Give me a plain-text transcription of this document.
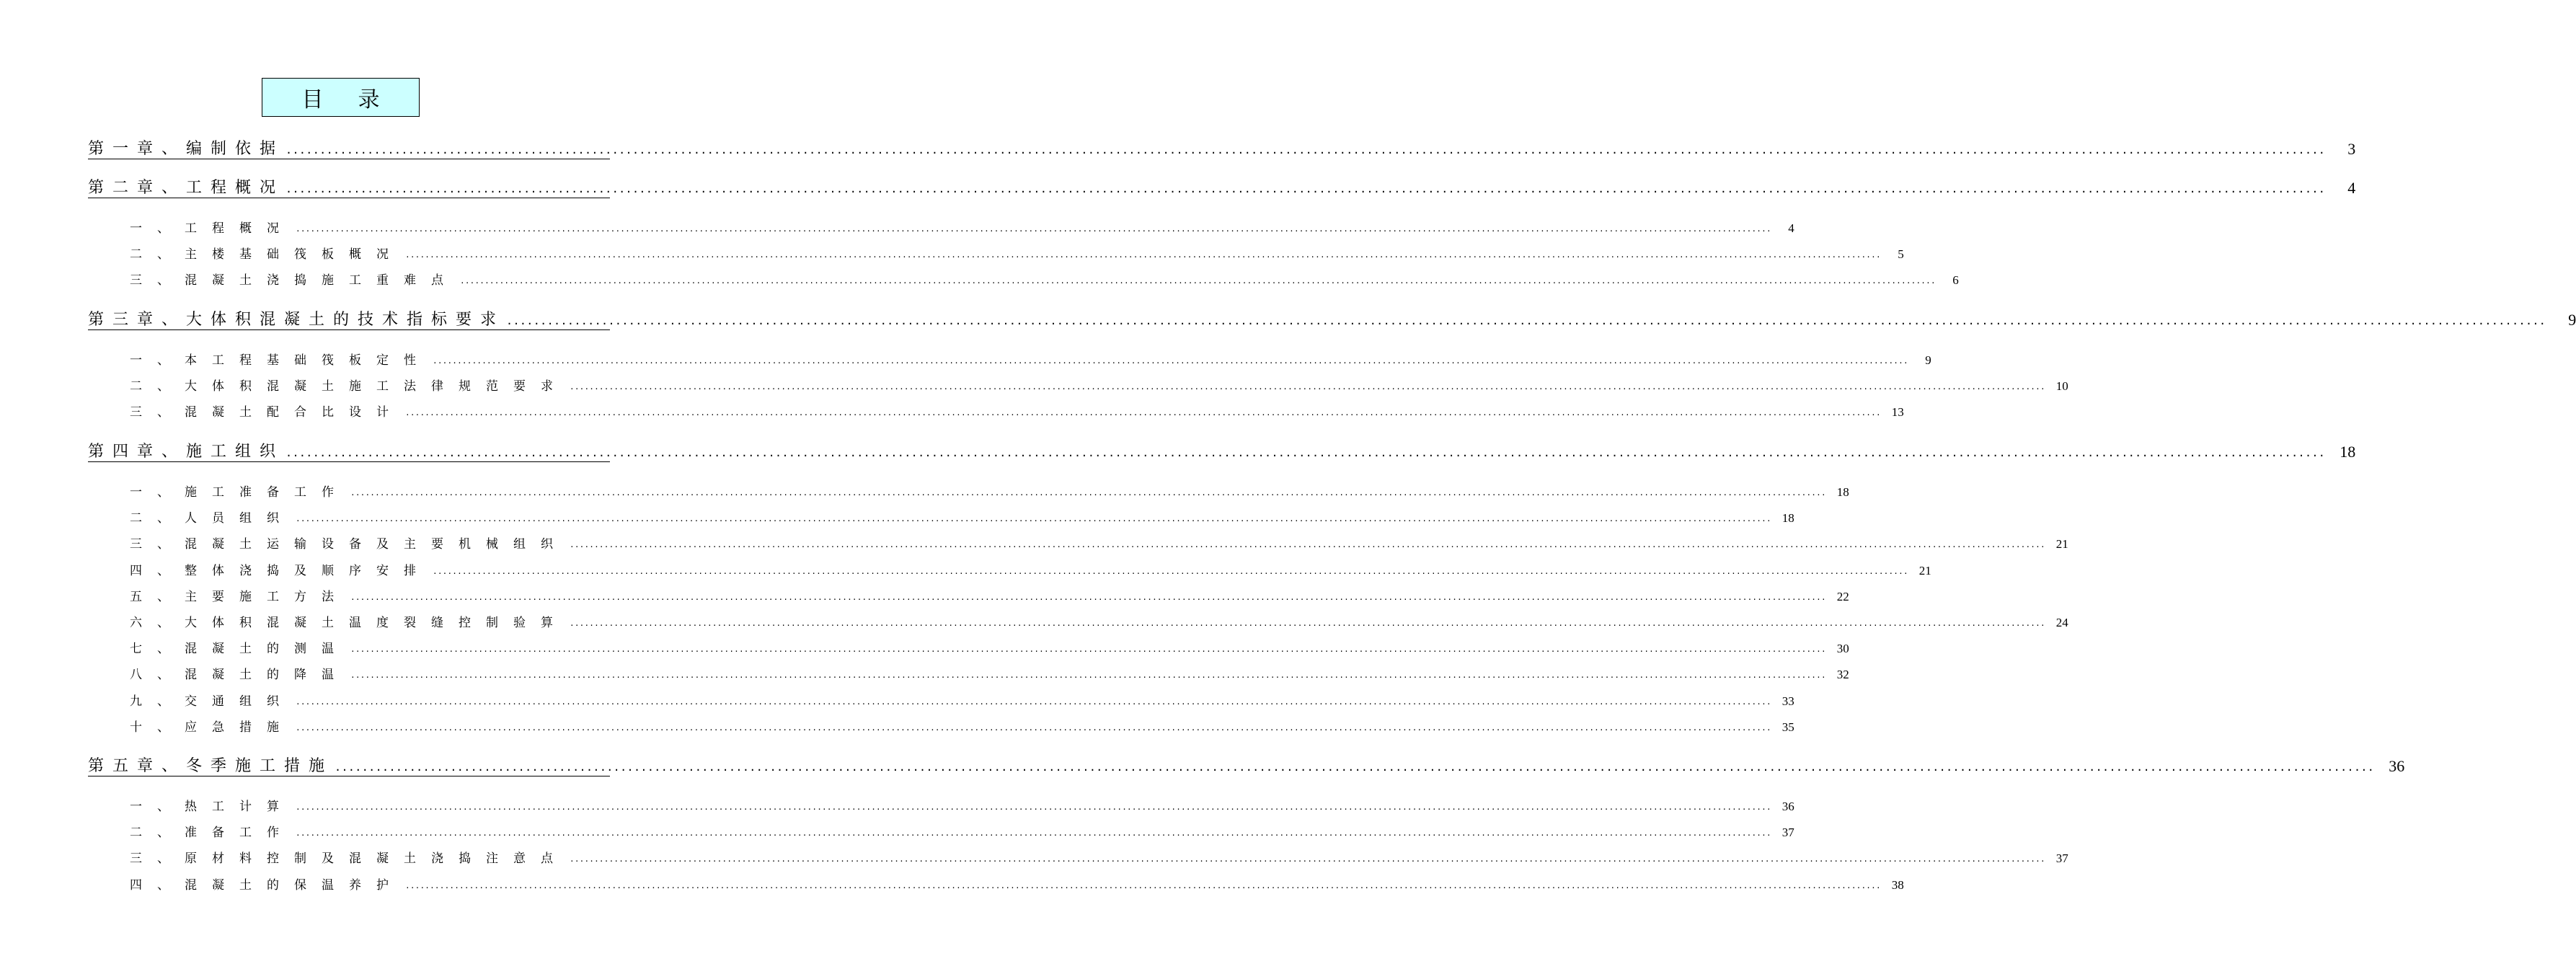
目录
第一章、编制依据 ............................................................................................................................................................................................................................................................................................................	3
第二章、工程概况 ............................................................................................................................................................................................................................................................................................................	4
一、工程概况 ............................................................................................................................................................................................................................................................................................................	4
二、主楼基础筏板概况 ............................................................................................................................................................................................................................................................................................................	5
三、混凝土浇捣施工重难点 ............................................................................................................................................................................................................................................................................................................	6
第三章、大体积混凝土的技术指标要求 ............................................................................................................................................................................................................................................................................................................	9
一、本工程基础筏板定性 ............................................................................................................................................................................................................................................................................................................	9
二、大体积混凝土施工法律规范要求 ............................................................................................................................................................................................................................................................................................................ 10
三、混凝土配合比设计 ............................................................................................................................................................................................................................................................................................................ 13
第四章、施工组织 ............................................................................................................................................................................................................................................................................................................ 18
一、施工准备工作 ............................................................................................................................................................................................................................................................................................................ 18
二、人员组织 ............................................................................................................................................................................................................................................................................................................ 18
三、混凝土运输设备及主要机械组织 ............................................................................................................................................................................................................................................................................................................ 21
四、整体浇捣及顺序安排 ............................................................................................................................................................................................................................................................................................................ 21
五、主要施工方法 ............................................................................................................................................................................................................................................................................................................ 22
六、大体积混凝土温度裂缝控制验算 ............................................................................................................................................................................................................................................................................................................ 24
七、混凝土的测温 ............................................................................................................................................................................................................................................................................................................ 30
八、混凝土的降温 ............................................................................................................................................................................................................................................................................................................ 32
九、交通组织 ............................................................................................................................................................................................................................................................................................................ 33
十、应急措施 ............................................................................................................................................................................................................................................................................................................ 35
第五章、冬季施工措施 ............................................................................................................................................................................................................................................................................................................ 36
一、热工计算 ............................................................................................................................................................................................................................................................................................................ 36
二、准备工作 ............................................................................................................................................................................................................................................................................................................ 37
三、原材料控制及混凝土浇捣注意点 ............................................................................................................................................................................................................................................................................................................ 37
四、混凝土的保温养护 ............................................................................................................................................................................................................................................................................................................ 38
